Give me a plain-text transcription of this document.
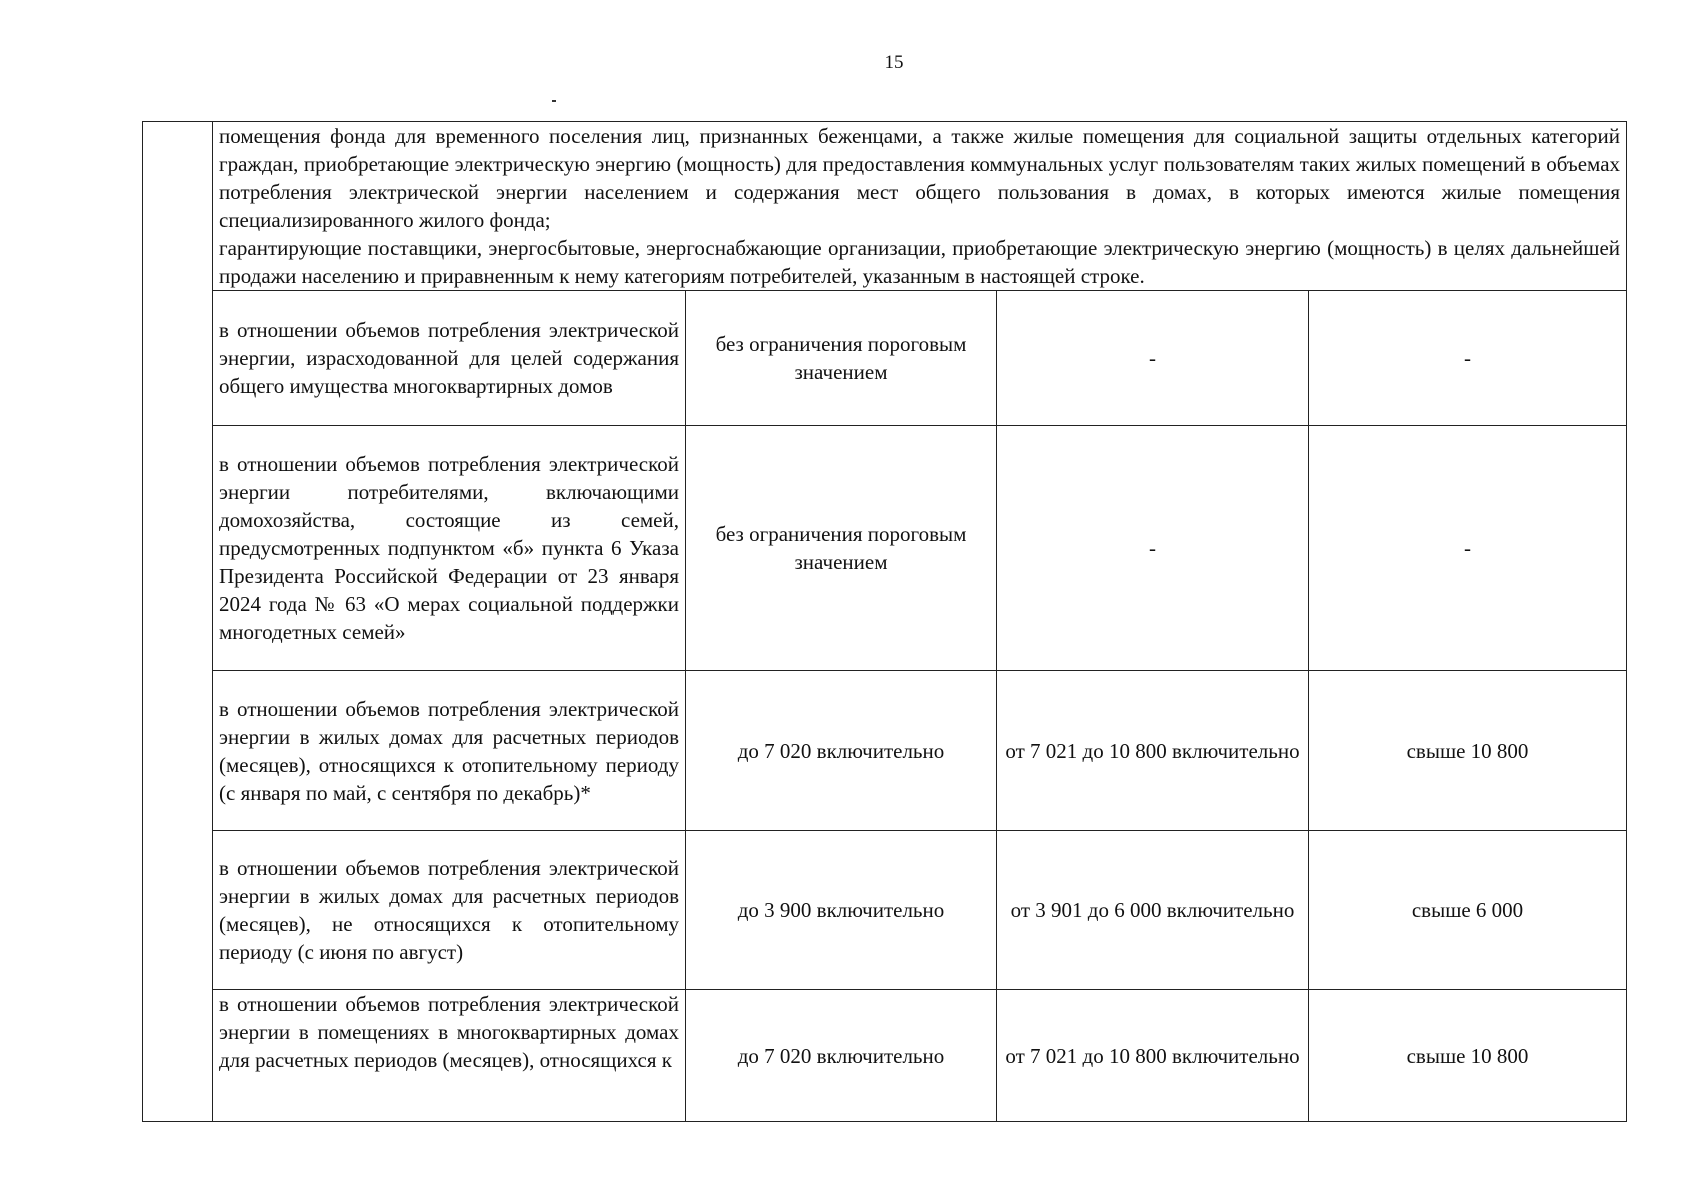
15

	помещения фонда для временного поселения лиц, признанных беженцами, а также жилые помещения для социальной защиты отдельных категорий граждан, приобретающие электрическую энергию (мощность) для предоставления коммунальных услуг пользователям таких жилых помещений в объемах потребления электрической энергии населением и содержания мест общего пользования в домах, в которых имеются жилые помещения специализированного жилого фонда;

гарантирующие поставщики, энергосбытовые, энергоснабжающие организации, приобретающие электрическую энергию (мощность) в целях дальнейшей продажи населению и приравненным к нему категориям потребителей, указанным в настоящей строке.			

	в отношении объемов потребления электрической энергии, израсходованной для целей содержания общего имущества многоквартирных домов	без ограничения пороговым значением	-	-
	в отношении объемов потребления электрической энергии потребителями, включающими домохозяйства, состоящие из семей, предусмотренных подпунктом «б» пункта 6 Указа Президента Российской Федерации от 23 января 2024 года № 63 «О мерах социальной поддержки многодетных семей»	без ограничения пороговым значением	-	-
	в отношении объемов потребления электрической энергии в жилых домах для расчетных периодов (месяцев), относящихся к отопительному периоду (с января по май, с сентября по декабрь)*	до 7 020 включительно	от 7 021 до 10 800 включительно	свыше 10 800
	в отношении объемов потребления электрической энергии в жилых домах для расчетных периодов (месяцев), не относящихся к отопительному периоду (с июня по август)	до 3 900 включительно	от 3 901 до 6 000 включительно	свыше 6 000
	в отношении объемов потребления электрической энергии в помещениях в многоквартирных домах для расчетных периодов (месяцев), относящихся к	до 7 020 включительно	от 7 021 до 10 800 включительно	свыше 10 800
